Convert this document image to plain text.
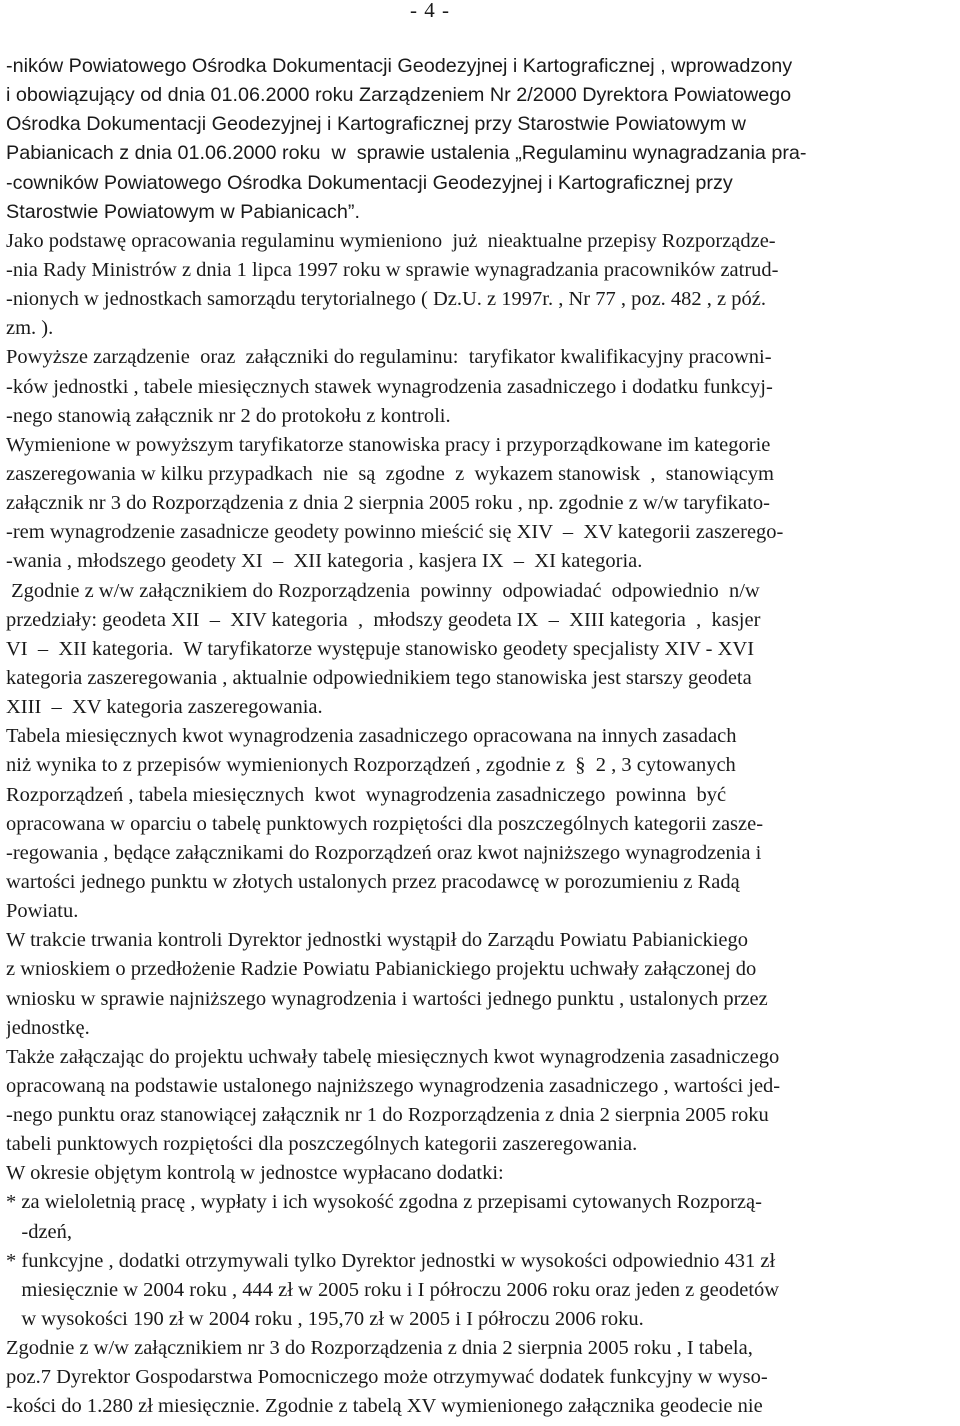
- 4 -
-ników Powiatowego Ośrodka Dokumentacji Geodezyjnej i Kartograficznej , wprowadzony
i obowiązujący od dnia 01.06.2000 roku Zarządzeniem Nr 2/2000 Dyrektora Powiatowego
Ośrodka Dokumentacji Geodezyjnej i Kartograficznej przy Starostwie Powiatowym w
Pabianicach z dnia 01.06.2000 roku  w  sprawie ustalenia „Regulaminu wynagradzania pra-
-cowników Powiatowego Ośrodka Dokumentacji Geodezyjnej i Kartograficznej przy
Starostwie Powiatowym w Pabianicach”.
Jako podstawę opracowania regulaminu wymieniono  już  nieaktualne przepisy Rozporządze-
-nia Rady Ministrów z dnia 1 lipca 1997 roku w sprawie wynagradzania pracowników zatrud-
-nionych w jednostkach samorządu terytorialnego ( Dz.U. z 1997r. , Nr 77 , poz. 482 , z póź.
zm. ).
Powyższe zarządzenie  oraz  załączniki do regulaminu:  taryfikator kwalifikacyjny pracowni-
-ków jednostki , tabele miesięcznych stawek wynagrodzenia zasadniczego i dodatku funkcyj-
-nego stanowią załącznik nr 2 do protokołu z kontroli.
Wymienione w powyższym taryfikatorze stanowiska pracy i przyporządkowane im kategorie
zaszeregowania w kilku przypadkach  nie  są  zgodne  z  wykazem stanowisk  ,  stanowiącym
załącznik nr 3 do Rozporządzenia z dnia 2 sierpnia 2005 roku , np. zgodnie z w/w taryfikato-
-rem wynagrodzenie zasadnicze geodety powinno mieścić się XIV  –  XV kategorii zaszerego-
-wania , młodszego geodety XI  –  XII kategoria , kasjera IX  –  XI kategoria.
Zgodnie z w/w załącznikiem do Rozporządzenia  powinny  odpowiadać  odpowiednio  n/w
przedziały: geodeta XII  –  XIV kategoria  ,  młodszy geodeta IX  –  XIII kategoria  ,  kasjer
VI  –  XII kategoria.  W taryfikatorze występuje stanowisko geodety specjalisty XIV - XVI
kategoria zaszeregowania , aktualnie odpowiednikiem tego stanowiska jest starszy geodeta
XIII  –  XV kategoria zaszeregowania.
Tabela miesięcznych kwot wynagrodzenia zasadniczego opracowana na innych zasadach
niż wynika to z przepisów wymienionych Rozporządzeń , zgodnie z  §  2 , 3 cytowanych
Rozporządzeń , tabela miesięcznych  kwot  wynagrodzenia zasadniczego  powinna  być
opracowana w oparciu o tabelę punktowych rozpiętości dla poszczególnych kategorii zasze-
-regowania , będące załącznikami do Rozporządzeń oraz kwot najniższego wynagrodzenia i
wartości jednego punktu w złotych ustalonych przez pracodawcę w porozumieniu z Radą
Powiatu.
W trakcie trwania kontroli Dyrektor jednostki wystąpił do Zarządu Powiatu Pabianickiego
z wnioskiem o przedłożenie Radzie Powiatu Pabianickiego projektu uchwały załączonej do
wniosku w sprawie najniższego wynagrodzenia i wartości jednego punktu , ustalonych przez
jednostkę.
Także załączając do projektu uchwały tabelę miesięcznych kwot wynagrodzenia zasadniczego
opracowaną na podstawie ustalonego najniższego wynagrodzenia zasadniczego , wartości jed-
-nego punktu oraz stanowiącej załącznik nr 1 do Rozporządzenia z dnia 2 sierpnia 2005 roku
tabeli punktowych rozpiętości dla poszczególnych kategorii zaszeregowania.
W okresie objętym kontrolą w jednostce wypłacano dodatki:
* za wieloletnią pracę , wypłaty i ich wysokość zgodna z przepisami cytowanych Rozporzą-
-dzeń,
* funkcyjne , dodatki otrzymywali tylko Dyrektor jednostki w wysokości odpowiednio 431 zł
miesięcznie w 2004 roku , 444 zł w 2005 roku i I półroczu 2006 roku oraz jeden z geodetów
w wysokości 190 zł w 2004 roku , 195,70 zł w 2005 i I półroczu 2006 roku.
Zgodnie z w/w załącznikiem nr 3 do Rozporządzenia z dnia 2 sierpnia 2005 roku , I tabela,
poz.7 Dyrektor Gospodarstwa Pomocniczego może otrzymywać dodatek funkcyjny w wyso-
-kości do 1.280 zł miesięcznie. Zgodnie z tabelą XV wymienionego załącznika geodecie nie
